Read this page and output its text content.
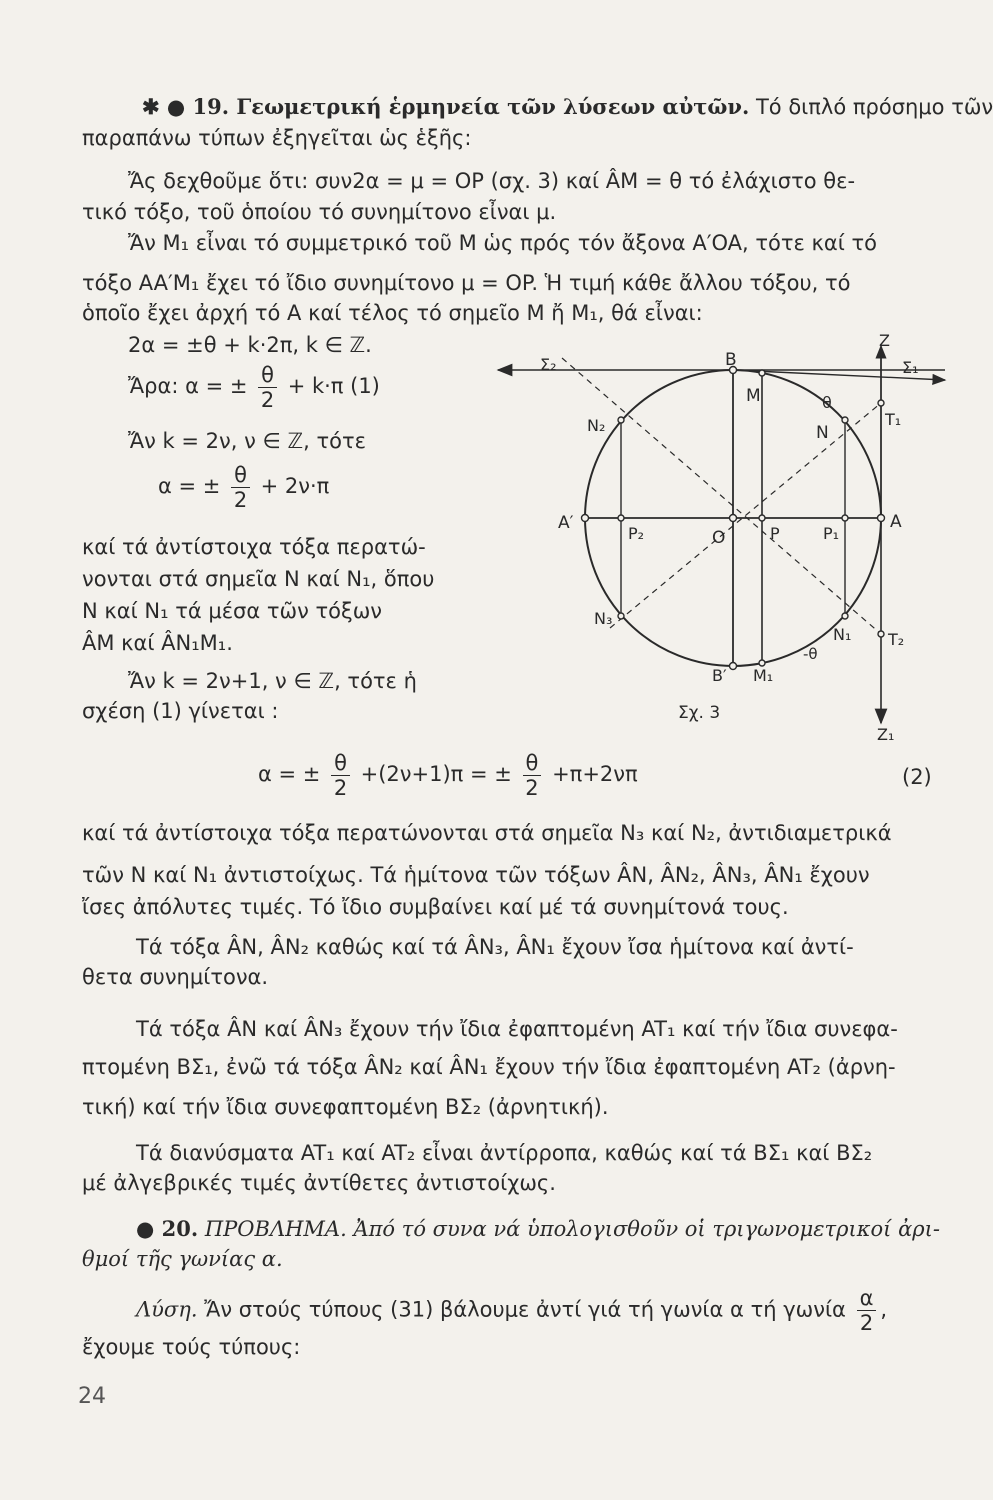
✱ ● 19. Γεωμετρική ἑρμηνεία τῶν λύσεων αὐτῶν. Τό διπλό πρόσημο τῶν
παραπάνω τύπων ἐξηγεῖται ὡς ἑξῆς:
Ἄς δεχθοῦμε ὅτι: συν2α = μ = OP (σχ. 3) καί ÂM = θ τό ἐλάχιστο θε-
τικό τόξο, τοῦ ὁποίου τό συνημίτονο εἶναι μ.
Ἄν M₁ εἶναι τό συμμετρικό τοῦ M ὡς πρός τόν ἄξονα A′OA, τότε καί τό
τόξο AA′M₁ ἔχει τό ἴδιο συνημίτονο μ = OP. Ἡ τιμή κάθε ἄλλου τόξου, τό
ὁποῖο ἔχει ἀρχή τό A καί τέλος τό σημεῖο M ἤ M₁, θά εἶναι:
2α = ±θ + k·2π, k ∈ ℤ.
Ἄρα: α = ± $\frac{\theta}{2} + k\cdot\pi$ (1)
Ἄν k = 2ν, ν ∈ ℤ, τότε
α = ± $\frac{\theta}{2} + 2\nu\cdot\pi$
καί τά ἀντίστοιχα τόξα περατώ-
νονται στά σημεῖα N καί N₁, ὅπου
N καί N₁ τά μέσα τῶν τόξων
ÂM καί ÂN₁M₁.
Ἄν k = 2ν+1, ν ∈ ℤ, τότε ἡ
σχέση (1) γίνεται :
B
M	θ
N
N₂
Σ₂	Σ₁
Z
T₁
A
A′
O	P	P₁
P₂
N₃
N₁ T₂
-θ
B′ M₁
Z₁
Σχ. 3
α = ± $\frac{\theta}{2} +(2\nu+1)\pi$ = ± $\frac{\theta}{2} +\pi+2\nu\pi$	(2)
καί τά ἀντίστοιχα τόξα περατώνονται στά σημεῖα N₃ καί N₂, ἀντιδιαμετρικά
τῶν N καί N₁ ἀντιστοίχως. Τά ἡμίτονα τῶν τόξων ÂN, ÂN₂, ÂN₃, ÂN₁ ἔχουν
ἴσες ἀπόλυτες τιμές. Τό ἴδιο συμβαίνει καί μέ τά συνημίτονά τους.
Τά τόξα ÂN, ÂN₂ καθώς καί τά ÂN₃, ÂN₁ ἔχουν ἴσα ἡμίτονα καί ἀντί-
θετα συνημίτονα.
Τά τόξα ÂN καί ÂN₃ ἔχουν τήν ἴδια ἐφαπτομένη AT₁ καί τήν ἴδια συνεφα-
πτομένη BΣ₁, ἐνῶ τά τόξα ÂN₂ καί ÂN₁ ἔχουν τήν ἴδια ἐφαπτομένη AT₂ (ἀρνη-
τική) καί τήν ἴδια συνεφαπτομένη BΣ₂ (ἀρνητική).
Τά διανύσματα AT₁ καί AT₂ εἶναι ἀντίρροπα, καθώς καί τά BΣ₁ καί BΣ₂
μέ ἀλγεβρικές τιμές ἀντίθετες ἀντιστοίχως.
● 20. ΠΡΟΒΛΗΜΑ. Ἀπό τό συνα νά ὑπολογισθοῦν οἱ τριγωνομετρικοί ἀρι-
θμοί τῆς γωνίας α.
Λύση. Ἄν στούς τύπους (31) βάλουμε ἀντί γιά τή γωνία α τή γωνία $\frac{\alpha}{2}$ ,
ἔχουμε τούς τύπους:
24
